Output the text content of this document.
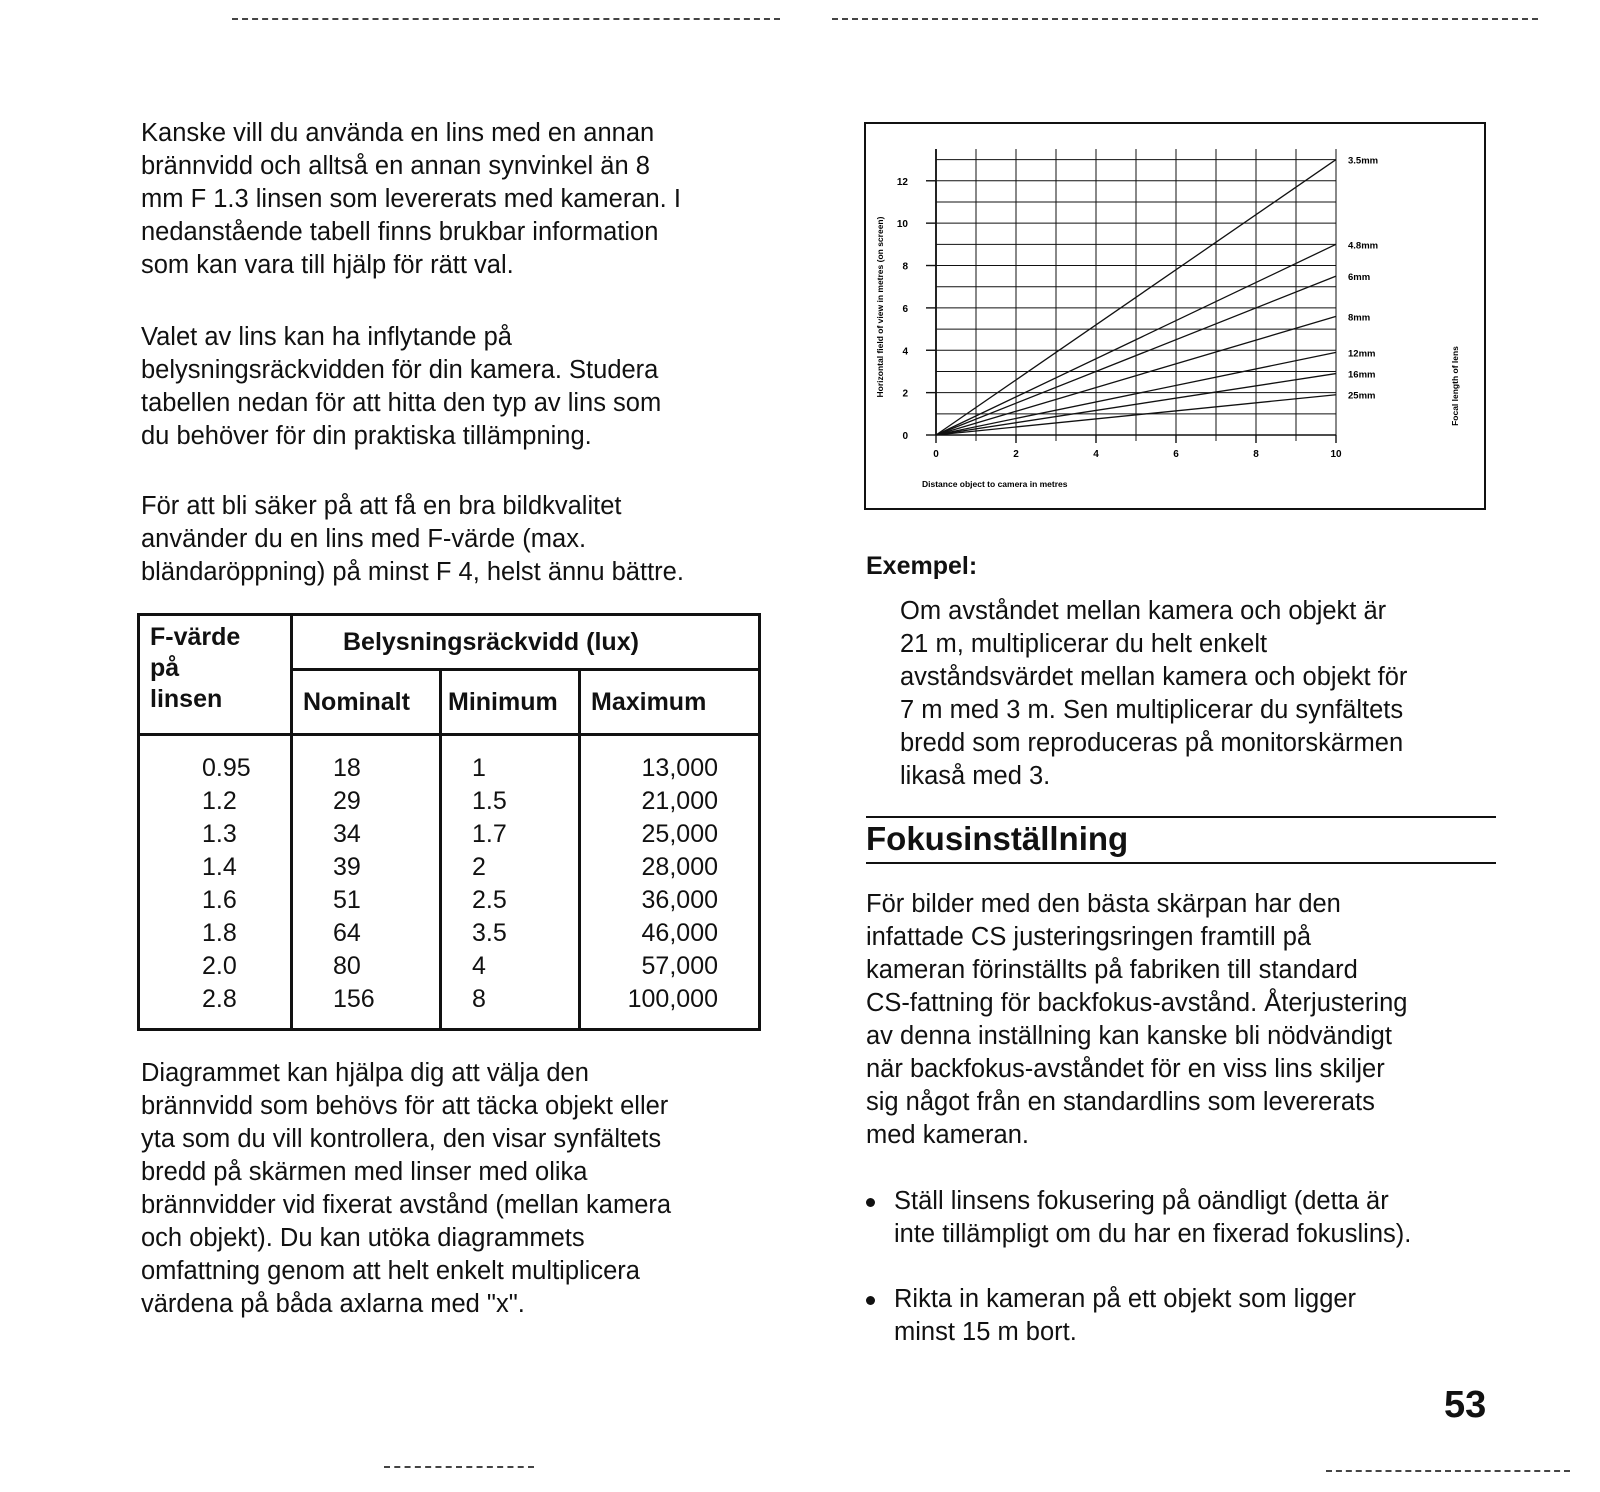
Kanske vill du använda en lins med en annan
brännvidd och alltså en annan synvinkel än 8
mm F 1.3 linsen som levererats med kameran. I
nedanstående tabell finns brukbar information
som kan vara till hjälp för rätt val.
Valet av lins kan ha inflytande på
belysningsräckvidden för din kamera. Studera
tabellen nedan för att hitta den typ av lins som
du behöver för din praktiska tillämpning.
För att bli säker på att få en bra bildkvalitet
använder du en lins med F-värde (max.
bländaröppning) på minst F 4, helst ännu bättre.
F-värde
på
linsen	Belysningsräckvidd (lux)		
	Nominalt	Minimum	Maximum
0.95	18	1	13,000
1.2	29	1.5	21,000
1.3	34	1.7	25,000
1.4	39	2	28,000
1.6	51	2.5	36,000
1.8	64	3.5	46,000
2.0	80	4	57,000
2.8	156	8	100,000
Diagrammet kan hjälpa dig att välja den
brännvidd som behövs för att täcka objekt eller
yta som du vill kontrollera, den visar synfältets
bredd på skärmen med linser med olika
brännvidder vid fixerat avstånd (mellan kamera
och objekt). Du kan utöka diagrammets
omfattning genom att helt enkelt multiplicera
värdena på båda axlarna med "x".
0	2	4	6	8	10
0
2
4
6
8
10
12
3.5mm
4.8mm
6mm
8mm
12mm
16mm
25mm
Horizontal field of view in metres (on screen)
Distance object to camera in metres
Focal length of lens
Exempel:
Om avståndet mellan kamera och objekt är
21 m, multiplicerar du helt enkelt
avståndsvärdet mellan kamera och objekt för
7 m med 3 m. Sen multiplicerar du synfältets
bredd som reproduceras på monitorskärmen
likaså med 3.
Fokusinställning
För bilder med den bästa skärpan har den
infattade CS justeringsringen framtill på
kameran förinställts på fabriken till standard
CS-fattning för backfokus-avstånd. Återjustering
av denna inställning kan kanske bli nödvändigt
när backfokus-avståndet för en viss lins skiljer
sig något från en standardlins som levererats
med kameran.
Ställ linsens fokusering på oändligt (detta är
inte tillämpligt om du har en fixerad fokuslins).
Rikta in kameran på ett objekt som ligger
minst 15 m bort.
53
